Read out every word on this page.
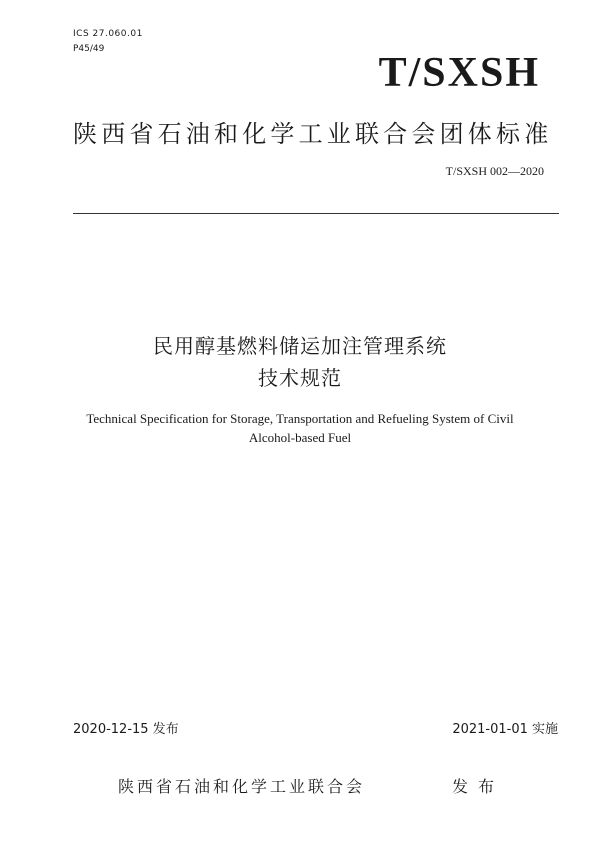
ICS 27.060.01
P45/49
T/SXSH
陕西省石油和化学工业联合会团体标准
T/SXSH 002—2020
民用醇基燃料储运加注管理系统
技术规范
Technical Specification for Storage, Transportation and Refueling System of Civil
Alcohol-based Fuel
2020-12-15 发布	2021-01-01 实施
陕西省石油和化学工业联合会	发布
